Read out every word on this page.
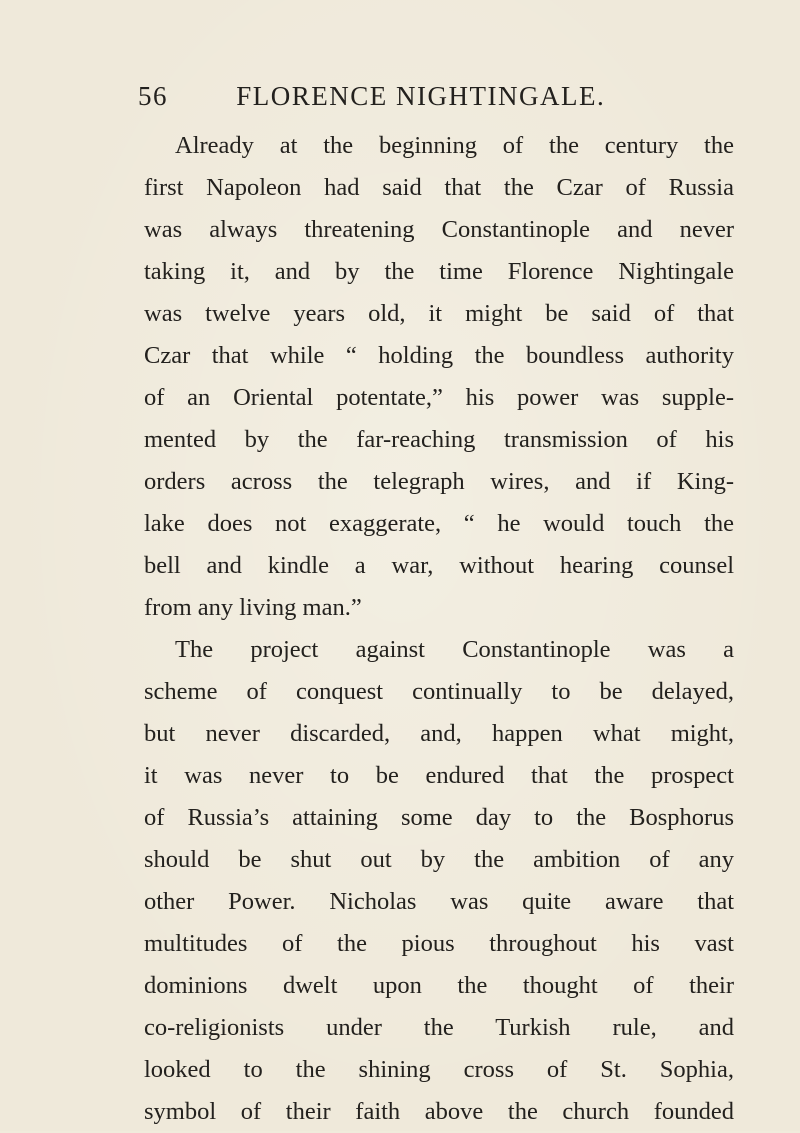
56	FLORENCE NIGHTINGALE.
Already at the beginning of the century the
first Napoleon had said that the Czar of Russia
was always threatening Constantinople and never
taking it, and by the time Florence Nightingale
was twelve years old, it might be said of that
Czar that while “ holding the boundless authority
of an Oriental potentate,” his power was supple-
mented by the far-reaching transmission of his
orders across the telegraph wires, and if King-
lake does not exaggerate, “ he would touch the
bell and kindle a war, without hearing counsel
from any living man.”
The project against Constantinople was a
scheme of conquest continually to be delayed,
but never discarded, and, happen what might,
it was never to be endured that the prospect
of Russia’s attaining some day to the Bosphorus
should be shut out by the ambition of any
other Power. Nicholas was quite aware that
multitudes of the pious throughout his vast
dominions dwelt upon the thought of their
co-religionists under the Turkish rule, and
looked to the shining cross of St. Sophia,
symbol of their faith above the church founded
